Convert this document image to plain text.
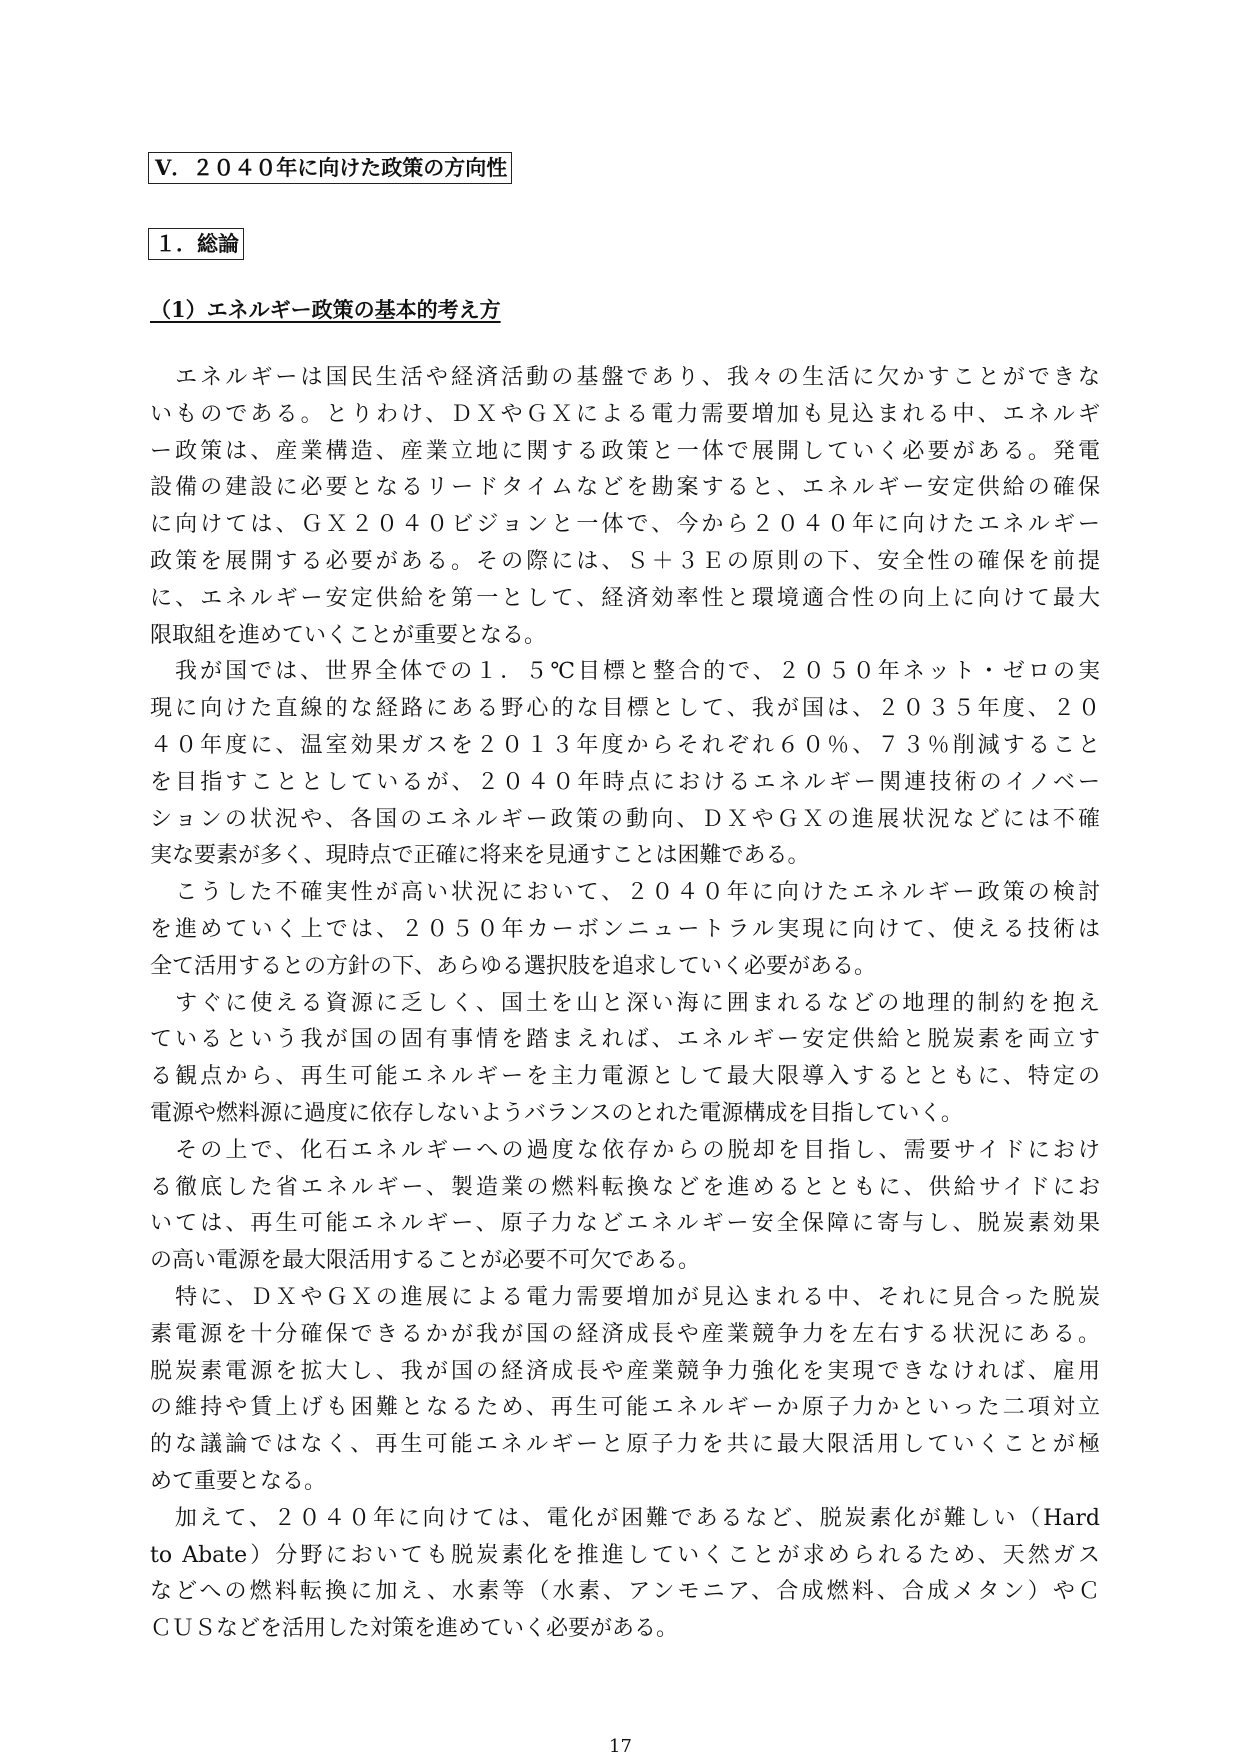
Ⅴ．２０４０年に向けた政策の方向性
１．総論
（1）エネルギー政策の基本的考え方
　エネルギーは国民生活や経済活動の基盤であり、我々の生活に欠かすことができな
いものである。とりわけ、ＤＸやＧＸによる電力需要増加も見込まれる中、エネルギ
ー政策は、産業構造、産業立地に関する政策と一体で展開していく必要がある。発電
設備の建設に必要となるリードタイムなどを勘案すると、エネルギー安定供給の確保
に向けては、ＧＸ２０４０ビジョンと一体で、今から２０４０年に向けたエネルギー
政策を展開する必要がある。その際には、Ｓ＋３Ｅの原則の下、安全性の確保を前提
に、エネルギー安定供給を第一として、経済効率性と環境適合性の向上に向けて最大
限取組を進めていくことが重要となる。
　我が国では、世界全体での１．５℃目標と整合的で、２０５０年ネット・ゼロの実
現に向けた直線的な経路にある野心的な目標として、我が国は、２０３５年度、２０
４０年度に、温室効果ガスを２０１３年度からそれぞれ６０％、７３％削減すること
を目指すこととしているが、２０４０年時点におけるエネルギー関連技術のイノベー
ションの状況や、各国のエネルギー政策の動向、ＤＸやＧＸの進展状況などには不確
実な要素が多く、現時点で正確に将来を見通すことは困難である。
　こうした不確実性が高い状況において、２０４０年に向けたエネルギー政策の検討
を進めていく上では、２０５０年カーボンニュートラル実現に向けて、使える技術は
全て活用するとの方針の下、あらゆる選択肢を追求していく必要がある。
　すぐに使える資源に乏しく、国土を山と深い海に囲まれるなどの地理的制約を抱え
ているという我が国の固有事情を踏まえれば、エネルギー安定供給と脱炭素を両立す
る観点から、再生可能エネルギーを主力電源として最大限導入するとともに、特定の
電源や燃料源に過度に依存しないようバランスのとれた電源構成を目指していく。
　その上で、化石エネルギーへの過度な依存からの脱却を目指し、需要サイドにおけ
る徹底した省エネルギー、製造業の燃料転換などを進めるとともに、供給サイドにお
いては、再生可能エネルギー、原子力などエネルギー安全保障に寄与し、脱炭素効果
の高い電源を最大限活用することが必要不可欠である。
　特に、ＤＸやＧＸの進展による電力需要増加が見込まれる中、それに見合った脱炭
素電源を十分確保できるかが我が国の経済成長や産業競争力を左右する状況にある。
脱炭素電源を拡大し、我が国の経済成長や産業競争力強化を実現できなければ、雇用
の維持や賃上げも困難となるため、再生可能エネルギーか原子力かといった二項対立
的な議論ではなく、再生可能エネルギーと原子力を共に最大限活用していくことが極
めて重要となる。
　加えて、２０４０年に向けては、電化が困難であるなど、脱炭素化が難しい（Hard
to Abate）分野においても脱炭素化を推進していくことが求められるため、天然ガス
などへの燃料転換に加え、水素等（水素、アンモニア、合成燃料、合成メタン）やＣ
ＣＵＳなどを活用した対策を進めていく必要がある。
17
